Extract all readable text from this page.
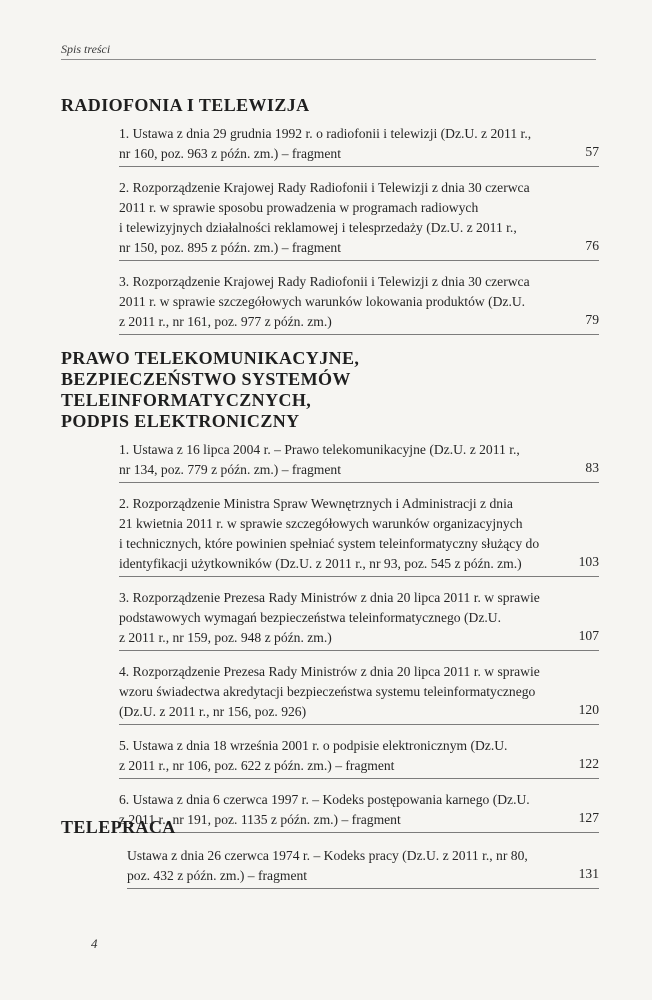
Spis treści
RADIOFONIA I TELEWIZJA

1. Ustawa z dnia 29 grudnia 1992 r. o radiofonii i telewizji (Dz.U. z 2011 r.,

nr 160, poz. 963 z późn. zm.) – fragment	57

2. Rozporządzenie Krajowej Rady Radiofonii i Telewizji z dnia 30 czerwca

2011 r. w sprawie sposobu prowadzenia w programach radiowych

i telewizyjnych działalności reklamowej i telesprzedaży (Dz.U. z 2011 r.,

nr 150, poz. 895 z późn. zm.) – fragment	76

3. Rozporządzenie Krajowej Rady Radiofonii i Telewizji z dnia 30 czerwca

2011 r. w sprawie szczegółowych warunków lokowania produktów (Dz.U.

z 2011 r., nr 161, poz. 977 z późn. zm.)	79
PRAWO TELEKOMUNIKACYJNE,
BEZPIECZEŃSTWO SYSTEMÓW TELEINFORMATYCZNYCH,
PODPIS ELEKTRONICZNY

1. Ustawa z 16 lipca 2004 r. – Prawo telekomunikacyjne (Dz.U. z 2011 r.,

nr 134, poz. 779 z późn. zm.) – fragment	83

2. Rozporządzenie Ministra Spraw Wewnętrznych i Administracji z dnia

21 kwietnia 2011 r. w sprawie szczegółowych warunków organizacyjnych

i technicznych, które powinien spełniać system teleinformatyczny służący do

identyfikacji użytkowników (Dz.U. z 2011 r., nr 93, poz. 545 z późn. zm.)	103

3. Rozporządzenie Prezesa Rady Ministrów z dnia 20 lipca 2011 r. w sprawie

podstawowych wymagań bezpieczeństwa teleinformatycznego (Dz.U.

z 2011 r., nr 159, poz. 948 z późn. zm.)	107

4. Rozporządzenie Prezesa Rady Ministrów z dnia 20 lipca 2011 r. w sprawie

wzoru świadectwa akredytacji bezpieczeństwa systemu teleinformatycznego

(Dz.U. z 2011 r., nr 156, poz. 926)	120

5. Ustawa z dnia 18 września 2001 r. o podpisie elektronicznym (Dz.U.

z 2011 r., nr 106, poz. 622 z późn. zm.) – fragment	122

6. Ustawa z dnia 6 czerwca 1997 r. – Kodeks postępowania karnego (Dz.U.

z 2011 r., nr 191, poz. 1135 z późn. zm.) – fragment	127
TELEPRACA

Ustawa z dnia 26 czerwca 1974 r. – Kodeks pracy (Dz.U. z 2011 r., nr 80,

poz. 432 z późn. zm.) – fragment	131
4
